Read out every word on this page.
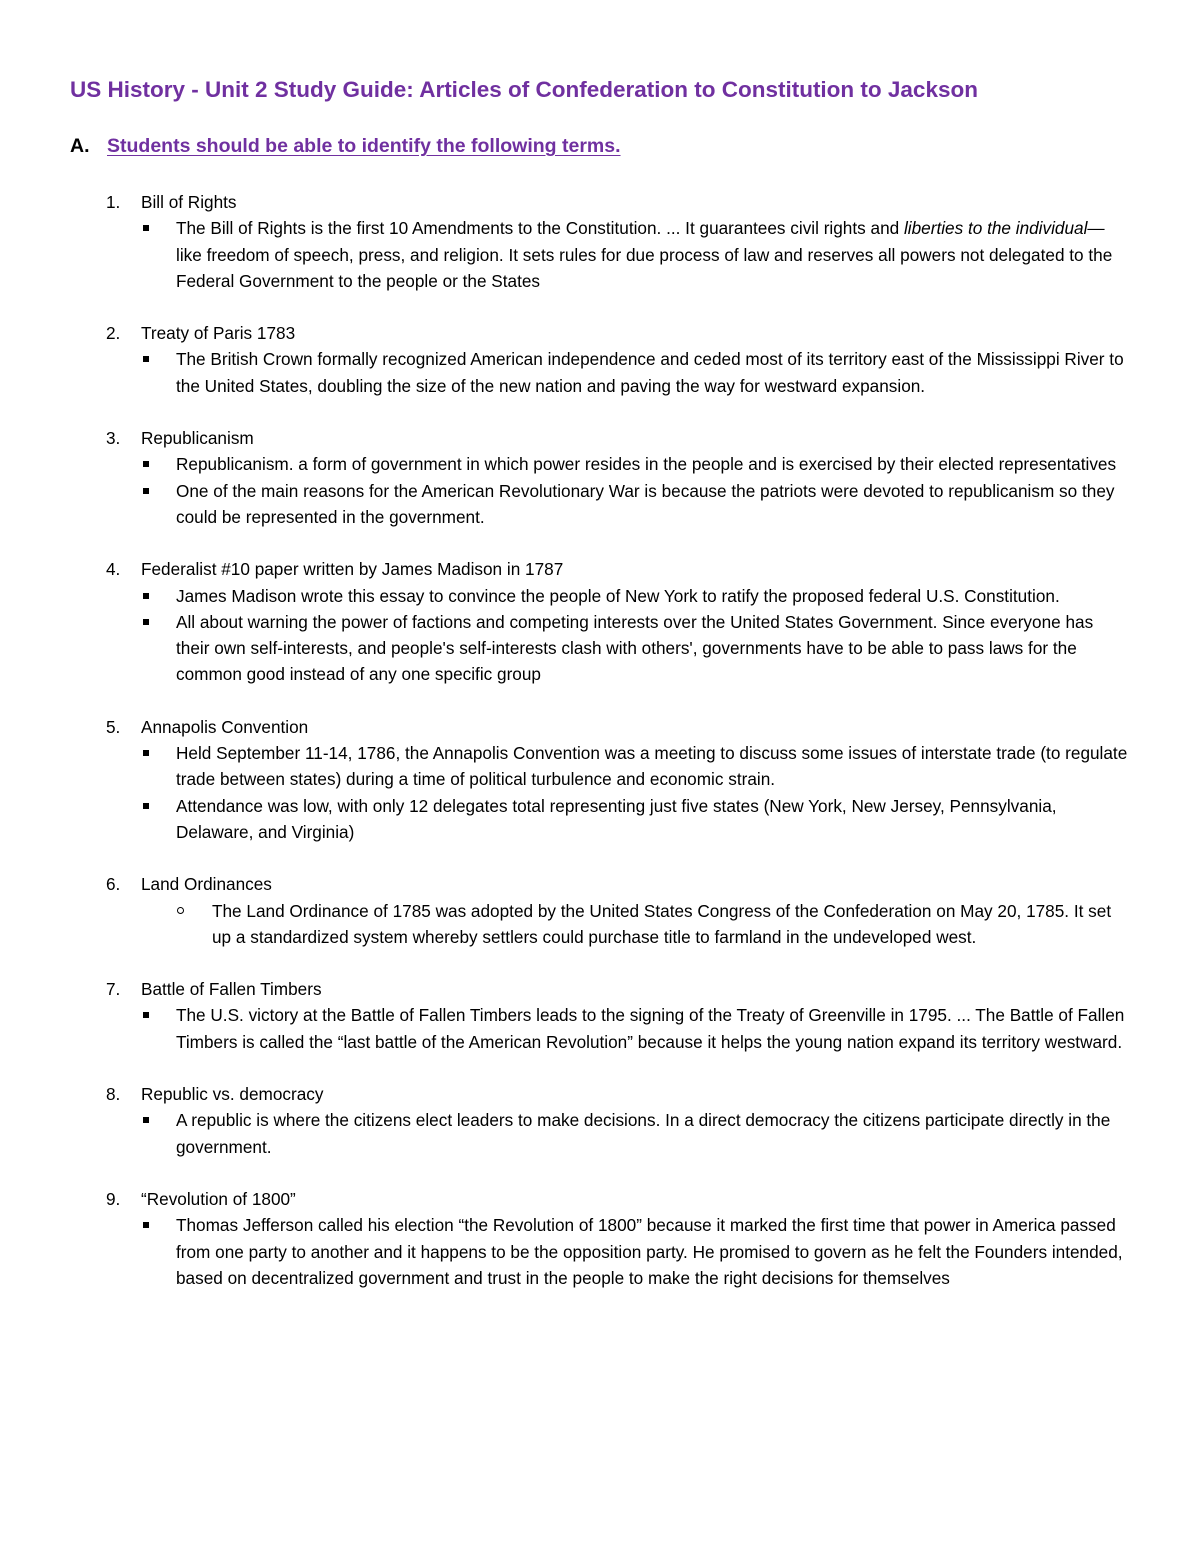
US History - Unit 2 Study Guide: Articles of Confederation to Constitution to Jackson
A. Students should be able to identify the following terms.
1.	Bill of Rights
The Bill of Rights is the first 10 Amendments to the Constitution. ... It guarantees civil rights and liberties to the individual—like freedom of speech, press, and religion. It sets rules for due process of law and reserves all powers not delegated to the Federal Government to the people or the States
2.	Treaty of Paris 1783
The British Crown formally recognized American independence and ceded most of its territory east of the Mississippi River to the United States, doubling the size of the new nation and paving the way for westward expansion.
3.	Republicanism
Republicanism. a form of government in which power resides in the people and is exercised by their elected representatives
One of the main reasons for the American Revolutionary War is because the patriots were devoted to republicanism so they could be represented in the government.
4.	Federalist #10 paper written by James Madison in 1787
James Madison wrote this essay to convince the people of New York to ratify the proposed federal U.S. Constitution.
All about warning the power of factions and competing interests over the United States Government. Since everyone has their own self-interests, and people's self-interests clash with others', governments have to be able to pass laws for the common good instead of any one specific group
5.	Annapolis Convention
Held September 11-14, 1786, the Annapolis Convention was a meeting to discuss some issues of interstate trade (to regulate trade between states) during a time of political turbulence and economic strain.
Attendance was low, with only 12 delegates total representing just five states (New York, New Jersey, Pennsylvania, Delaware, and Virginia)
6.	Land Ordinances
The Land Ordinance of 1785 was adopted by the United States Congress of the Confederation on May 20, 1785. It set up a standardized system whereby settlers could purchase title to farmland in the undeveloped west.
7.	Battle of Fallen Timbers
The U.S. victory at the Battle of Fallen Timbers leads to the signing of the Treaty of Greenville in 1795. ... The Battle of Fallen Timbers is called the “last battle of the American Revolution” because it helps the young nation expand its territory westward.
8.	Republic vs. democracy
A republic is where the citizens elect leaders to make decisions. In a direct democracy the citizens participate directly in the government.
9.	“Revolution of 1800”
Thomas Jefferson called his election “the Revolution of 1800” because it marked the first time that power in America passed from one party to another and it happens to be the opposition party. He promised to govern as he felt the Founders intended, based on decentralized government and trust in the people to make the right decisions for themselves
